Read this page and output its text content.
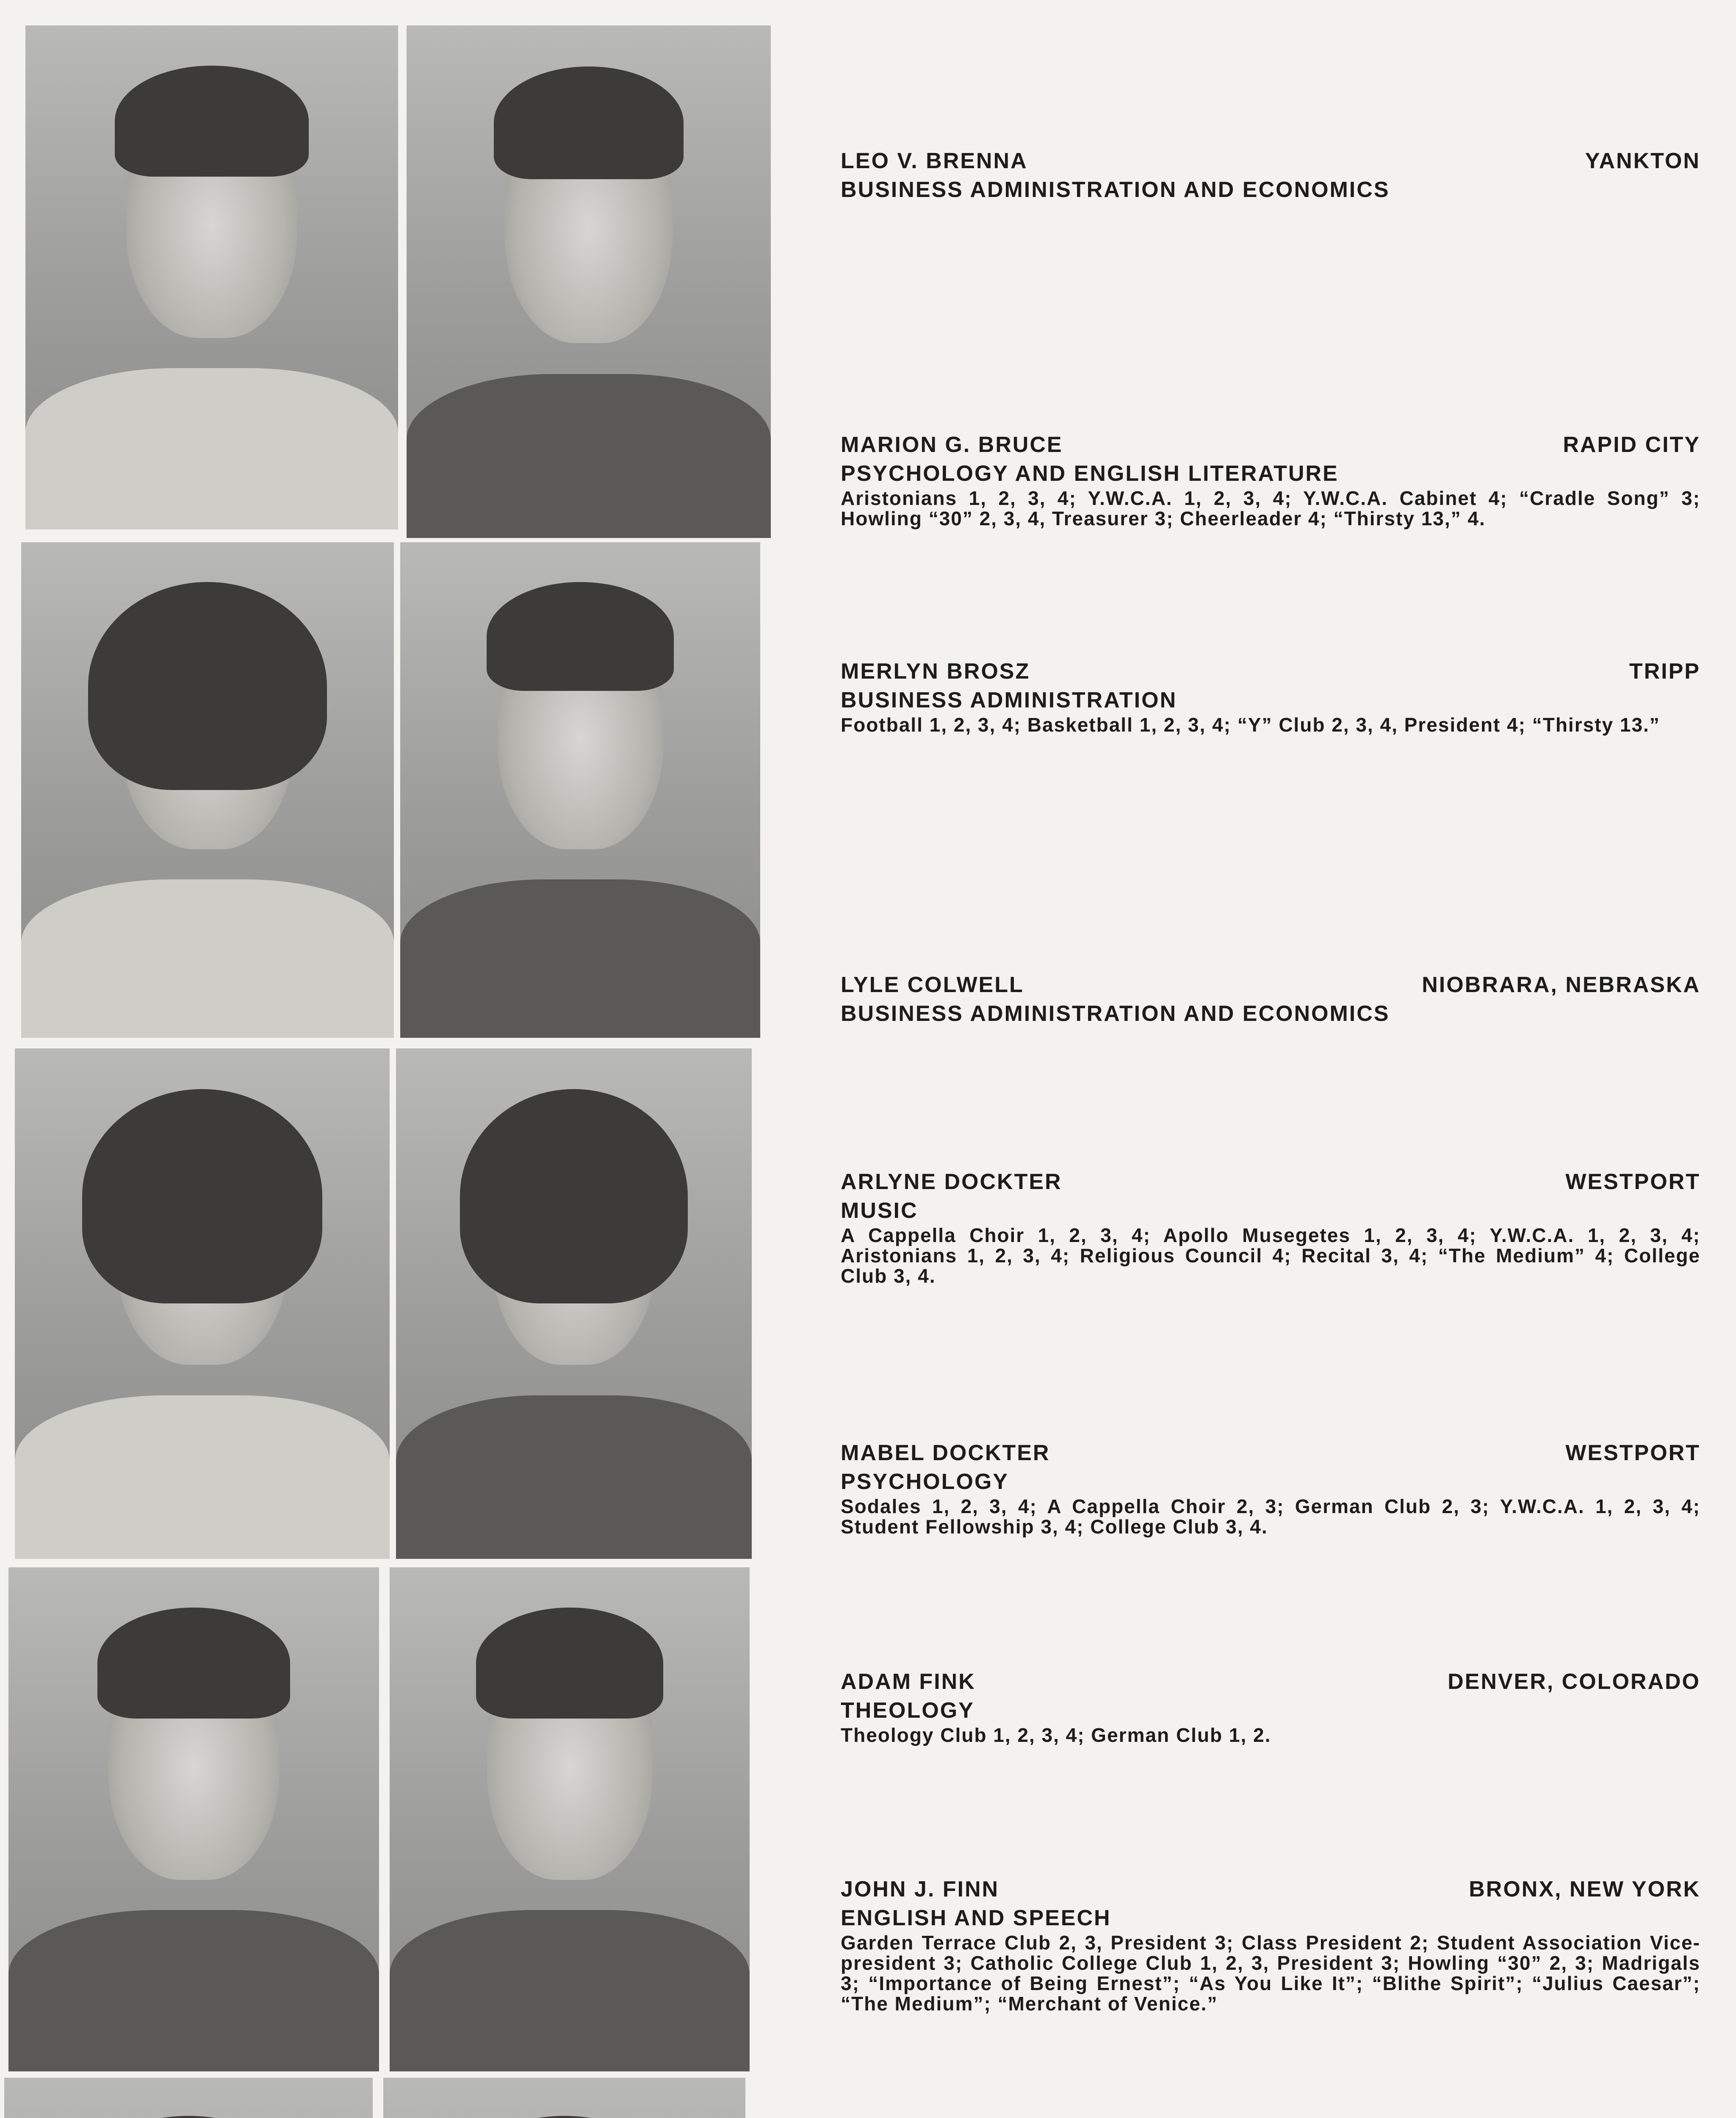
LEO V. BRENNA	YANKTON
BUSINESS ADMINISTRATION AND ECONOMICS
MARION G. BRUCE	RAPID CITY
PSYCHOLOGY AND ENGLISH LITERATURE
Aristonians 1, 2, 3, 4; Y.W.C.A. 1, 2, 3, 4; Y.W.C.A. Cabinet 4; “Cradle Song” 3; Howling “30” 2, 3, 4, Treasurer 3; Cheerleader 4; “Thirsty 13,” 4.
MERLYN BROSZ	TRIPP
BUSINESS ADMINISTRATION
Football 1, 2, 3, 4; Basketball 1, 2, 3, 4; “Y” Club 2, 3, 4, President 4; “Thirsty 13.”
LYLE COLWELL	NIOBRARA, NEBRASKA
BUSINESS ADMINISTRATION AND ECONOMICS
ARLYNE DOCKTER	WESTPORT
MUSIC
A Cappella Choir 1, 2, 3, 4; Apollo Musegetes 1, 2, 3, 4; Y.W.C.A. 1, 2, 3, 4; Aristonians 1, 2, 3, 4; Religious Council 4; Recital 3, 4; “The Medium” 4; College Club 3, 4.
MABEL DOCKTER	WESTPORT
PSYCHOLOGY
Sodales 1, 2, 3, 4; A Cappella Choir 2, 3; German Club 2, 3; Y.W.C.A. 1, 2, 3, 4; Student Fellowship 3, 4; College Club 3, 4.
ADAM FINK	DENVER, COLORADO
THEOLOGY
Theology Club 1, 2, 3, 4; German Club 1, 2.
JOHN J. FINN	BRONX, NEW YORK
ENGLISH AND SPEECH
Garden Terrace Club 2, 3, President 3; Class President 2; Student Association Vice-president 3; Catholic College Club 1, 2, 3, President 3; Howling “30” 2, 3; Madrigals 3; “Importance of Being Ernest”; “As You Like It”; “Blithe Spirit”; “Julius Caesar”; “The Medium”; “Merchant of Venice.”
